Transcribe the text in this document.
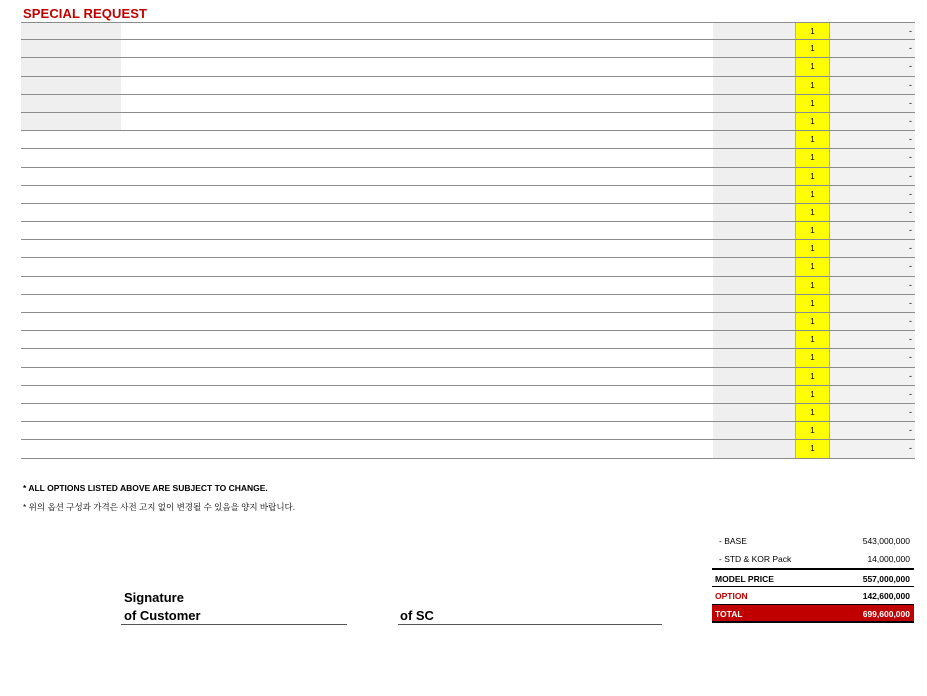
SPECIAL REQUEST
1	-
1	-
1	-
1	-
1	-
1	-
1	-
1	-
1	-
1	-
1	-
1	-
1	-
1	-
1	-
1	-
1	-
1	-
1	-
1	-
1	-
1	-
1	-
1	-
* ALL OPTIONS LISTED ABOVE ARE SUBJECT TO CHANGE.
* 위의 옵션 구성과 가격은 사전 고지 없이 변경될 수 있음을 양지 바랍니다.
Signature
of Customer	of SC
- BASE	543,000,000
- STD & KOR Pack	14,000,000
MODEL PRICE	557,000,000
OPTION	142,600,000
TOTAL	699,600,000
